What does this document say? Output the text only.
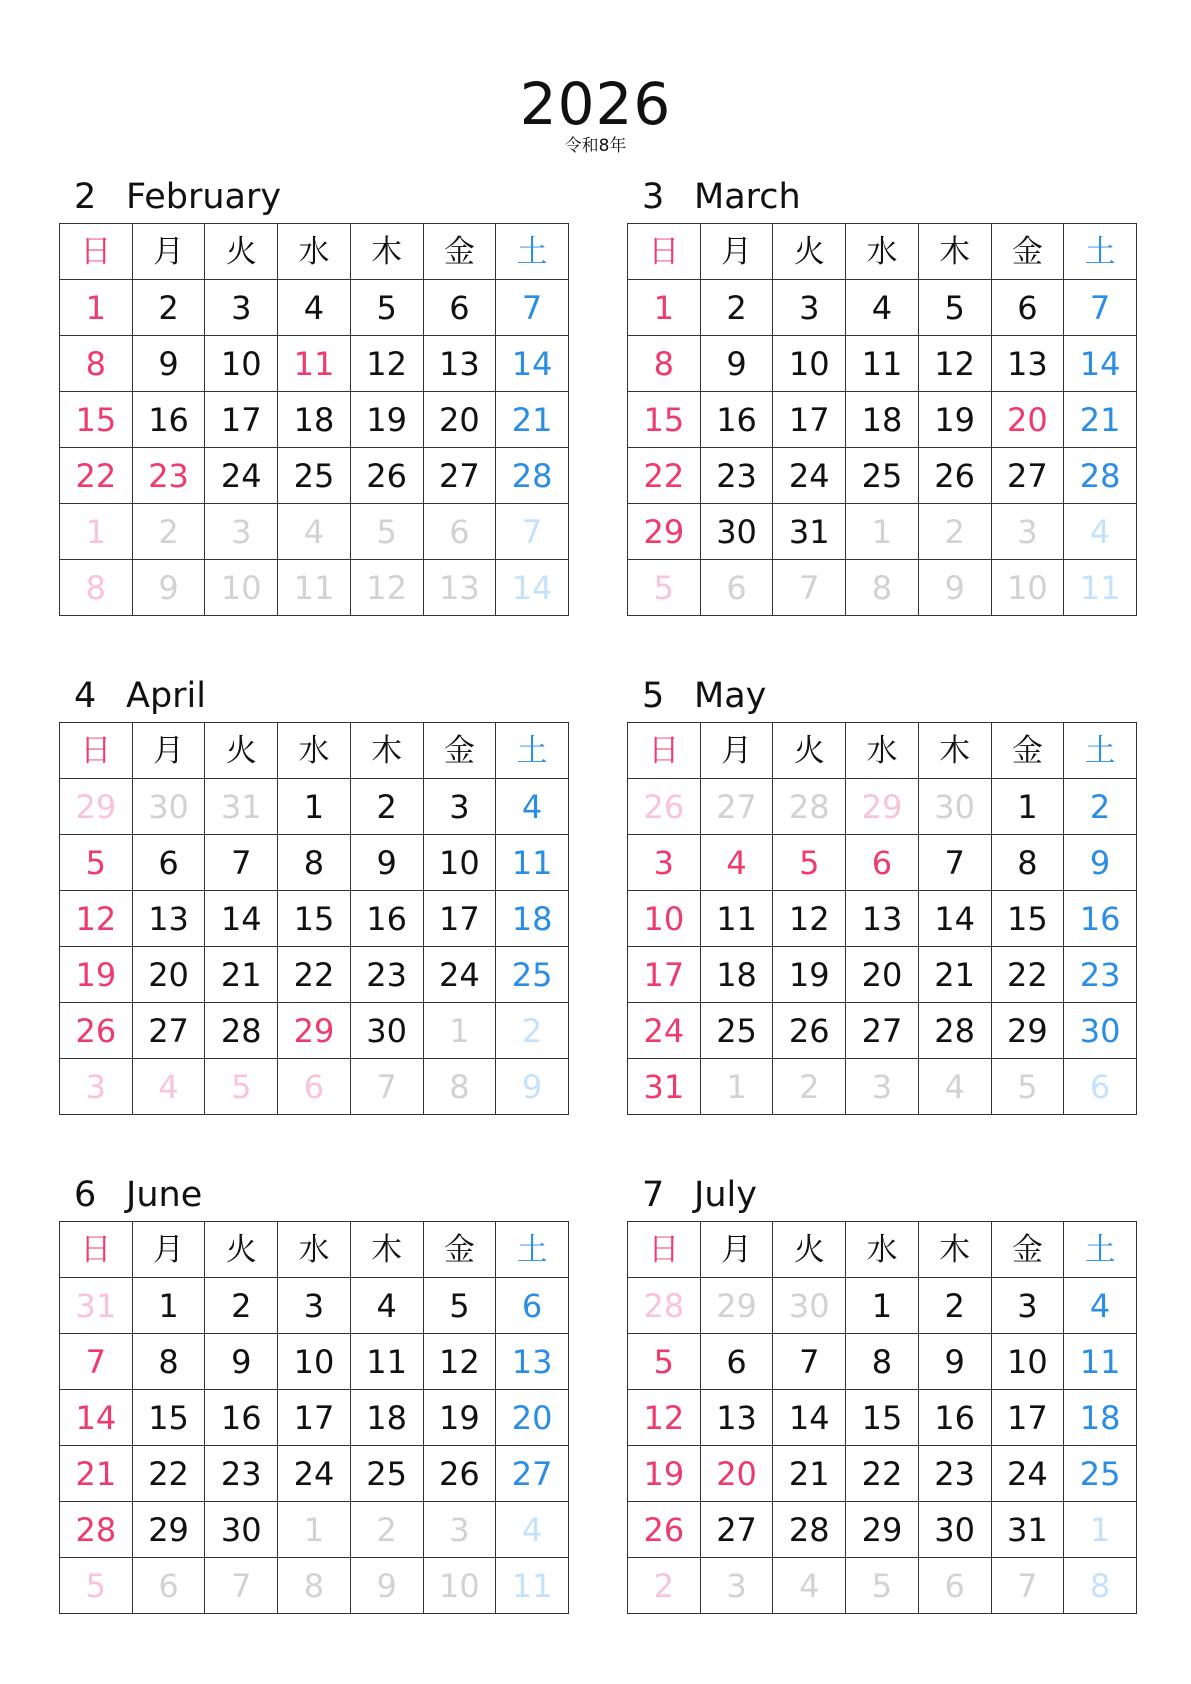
2026
令和8年
2 February
日	月	火	水	木	金	土
1	2	3	4	5	6	7
8	9	10	11	12	13	14
15	16	17	18	19	20	21
22	23	24	25	26	27	28
1	2	3	4	5	6	7
8	9	10	11	12	13	14
3 March
日	月	火	水	木	金	土
1	2	3	4	5	6	7
8	9	10	11	12	13	14
15	16	17	18	19	20	21
22	23	24	25	26	27	28
29	30	31	1	2	3	4
5	6	7	8	9	10	11
4 April
日	月	火	水	木	金	土
29	30	31	1	2	3	4
5	6	7	8	9	10	11
12	13	14	15	16	17	18
19	20	21	22	23	24	25
26	27	28	29	30	1	2
3	4	5	6	7	8	9
5 May
日	月	火	水	木	金	土
26	27	28	29	30	1	2
3	4	5	6	7	8	9
10	11	12	13	14	15	16
17	18	19	20	21	22	23
24	25	26	27	28	29	30
31	1	2	3	4	5	6
6 June
日	月	火	水	木	金	土
31	1	2	3	4	5	6
7	8	9	10	11	12	13
14	15	16	17	18	19	20
21	22	23	24	25	26	27
28	29	30	1	2	3	4
5	6	7	8	9	10	11
7 July
日	月	火	水	木	金	土
28	29	30	1	2	3	4
5	6	7	8	9	10	11
12	13	14	15	16	17	18
19	20	21	22	23	24	25
26	27	28	29	30	31	1
2	3	4	5	6	7	8
